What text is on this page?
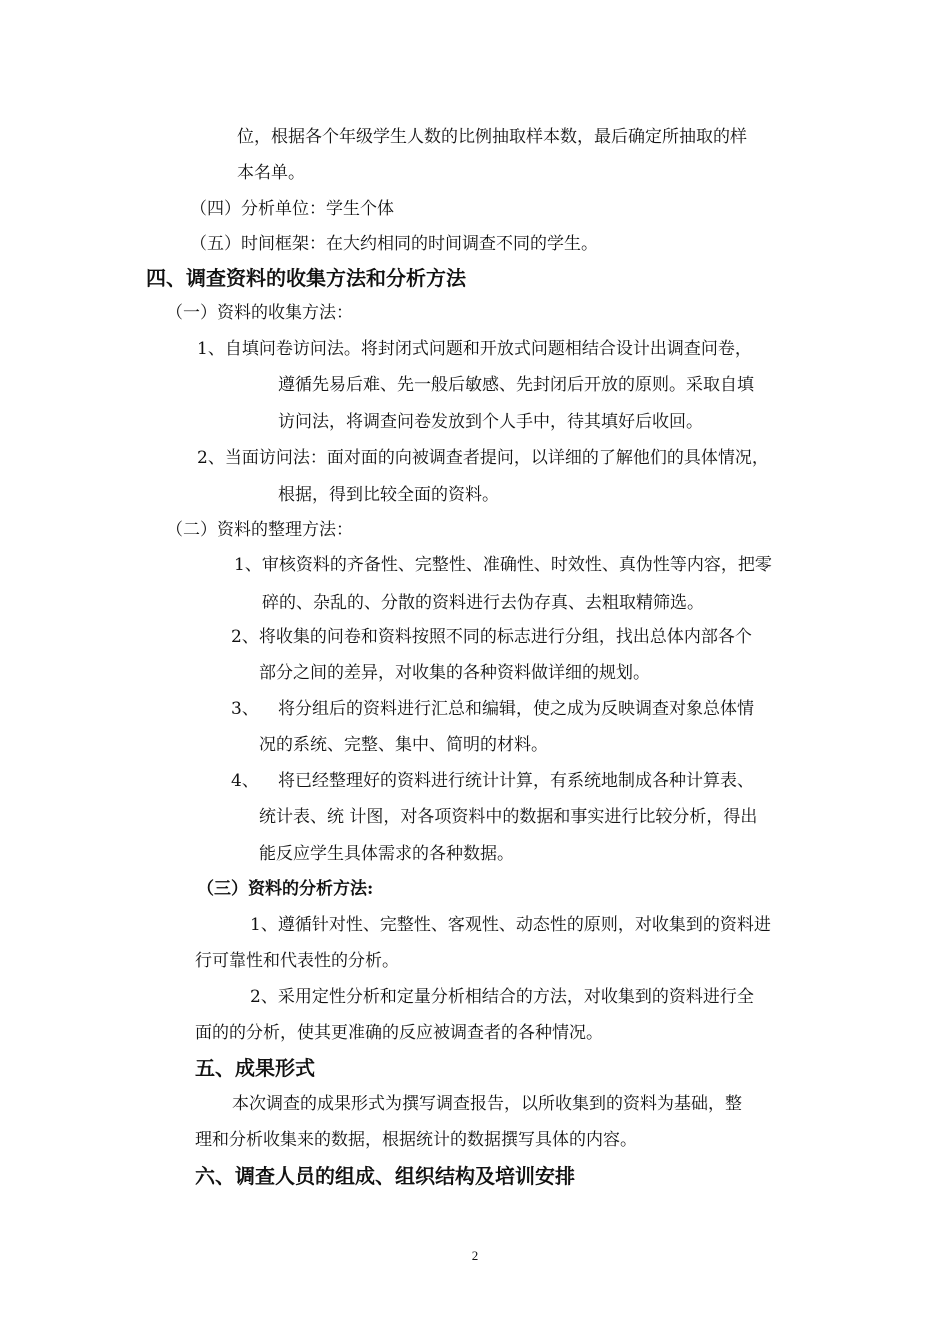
位，根据各个年级学生人数的比例抽取样本数，最后确定所抽取的样
本名单。
（四）分析单位：学生个体
（五）时间框架：在大约相同的时间调查不同的学生。
四、调查资料的收集方法和分析方法
（一）资料的收集方法：
1、自填问卷访问法。将封闭式问题和开放式问题相结合设计出调查问卷，
遵循先易后难、先一般后敏感、先封闭后开放的原则。采取自填
访问法，将调查问卷发放到个人手中，待其填好后收回。
2、当面访问法：面对面的向被调查者提问，以详细的了解他们的具体情况，
根据，得到比较全面的资料。
（二）资料的整理方法：
1、审核资料的齐备性、完整性、准确性、时效性、真伪性等内容，把零
碎的、杂乱的、分散的资料进行去伪存真、去粗取精筛选。
2、将收集的问卷和资料按照不同的标志进行分组，找出总体内部各个
部分之间的差异，对收集的各种资料做详细的规划。
3、 将分组后的资料进行汇总和编辑，使之成为反映调查对象总体情
况的系统、完整、集中、简明的材料。
4、 将已经整理好的资料进行统计计算，有系统地制成各种计算表、
统计表、统 计图，对各项资料中的数据和事实进行比较分析，得出
能反应学生具体需求的各种数据。
（三）资料的分析方法:
1、遵循针对性、完整性、客观性、动态性的原则，对收集到的资料进
行可靠性和代表性的分析。
2、采用定性分析和定量分析相结合的方法，对收集到的资料进行全
面的的分析，使其更准确的反应被调查者的各种情况。
五、成果形式
本次调查的成果形式为撰写调查报告，以所收集到的资料为基础，整
理和分析收集来的数据，根据统计的数据撰写具体的内容。
六、调查人员的组成、组织结构及培训安排
2
